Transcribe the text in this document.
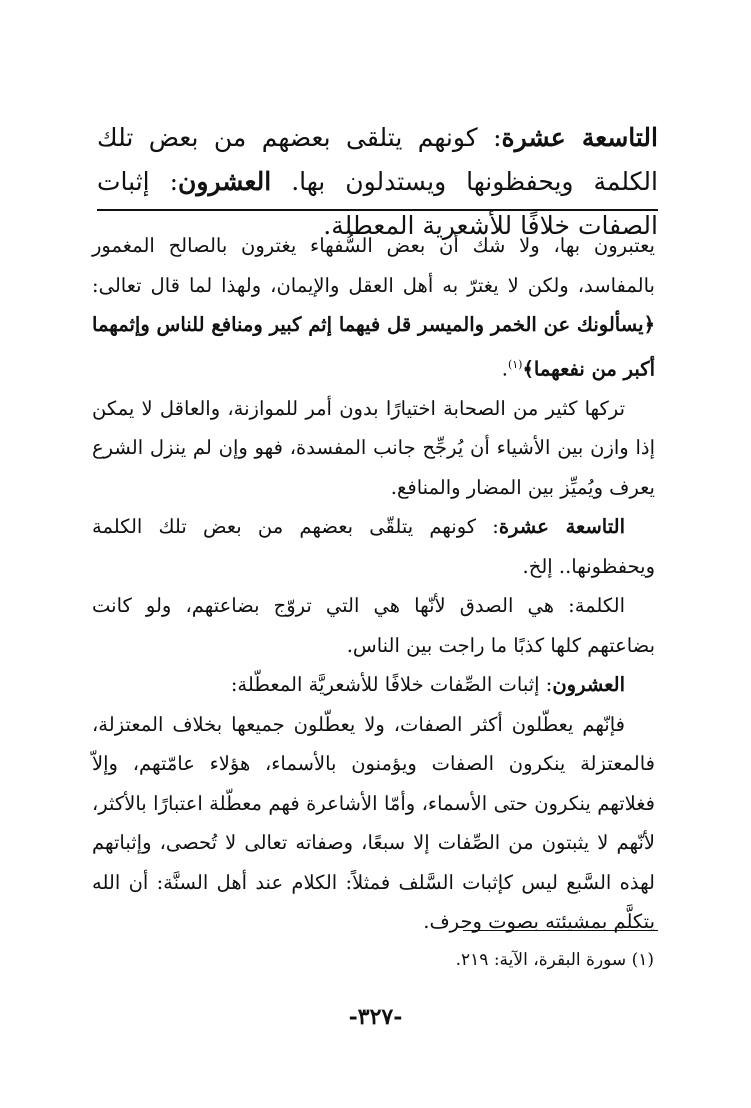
التاسعة عشرة: كونهم يتلقى بعضهم من بعض تلك الكلمة ويحفظونها ويستدلون بها. العشرون: إثبات الصفات خلافًا للأشعرية المعطلة.

يعتبرون بها، ولا شك أن بعض السُّفهاء يغترون بالصالح المغمور بالمفاسد، ولكن لا يغترّ به أهل العقل والإيمان، ولهذا لما قال تعالى: ﴿يسألونك عن الخمر والميسر قل فيهما إثم كبير ومنافع للناس وإثمهما أكبر من نفعهما﴾$^{(١)}$.

تركها كثير من الصحابة اختيارًا بدون أمر للموازنة، والعاقل لا يمكن إذا وازن بين الأشياء أن يُرجِّح جانب المفسدة، فهو وإن لم ينزل الشرع يعرف ويُميِّز بين المضار والمنافع.

التاسعة عشرة: كونهم يتلقّى بعضهم من بعض تلك الكلمة ويحفظونها.. إلخ.

الكلمة: هي الصدق لأنّها هي التي تروّج بضاعتهم، ولو كانت بضاعتهم كلها كذبًا ما راجت بين الناس.

العشرون: إثبات الصِّفات خلافًا للأشعريَّة المعطّلة:

فإنّهم يعطّلون أكثر الصفات، ولا يعطّلون جميعها بخلاف المعتزلة، فالمعتزلة ينكرون الصفات ويؤمنون بالأسماء، هؤلاء عامّتهم، وإلاّ فغلاتهم ينكرون حتى الأسماء، وأمّا الأشاعرة فهم معطّلة اعتبارًا بالأكثر، لأنّهم لا يثبتون من الصِّفات إلا سبعًا، وصفاته تعالى لا تُحصى، وإثباتهم لهذه السَّبع ليس كإثبات السَّلف فمثلاً: الكلام عند أهل السنَّة: أن الله يتكلَّم بمشيئته بصوت وحرف.

(١) سورة البقرة، الآية: ٢١٩.
-٣٢٧-
